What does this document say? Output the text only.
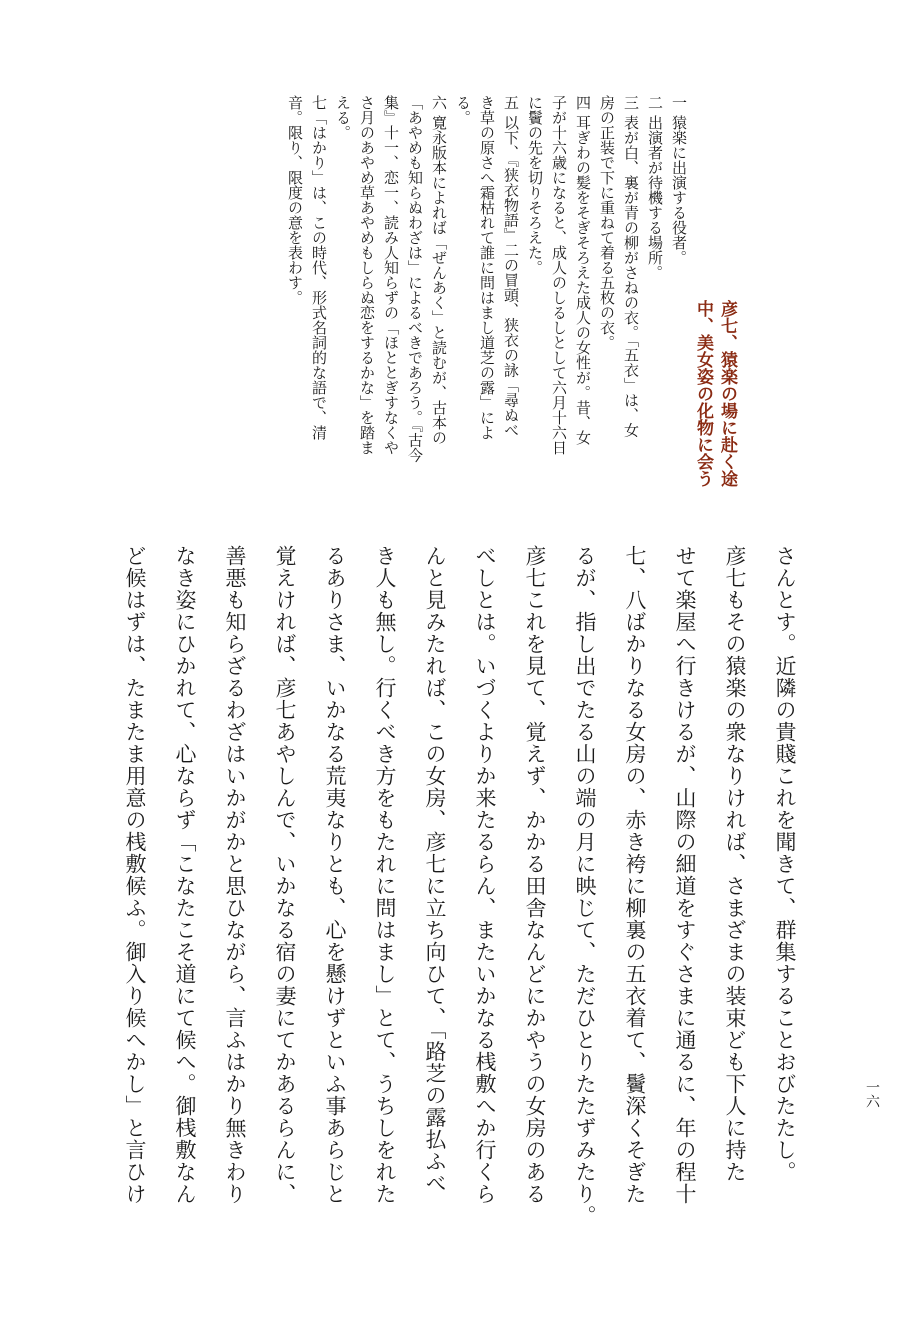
一 猿楽に出演する役者。
二 出演者が待機する場所。
三 表が白、裏が青の柳がさねの衣。「五衣」は、女
房の正装で下に重ねて着る五枚の衣。
四 耳ぎわの髪をそぎそろえた成人の女性が。昔、女
子が十六歳になると、成人のしるしとして六月十六日
に鬢の先を切りそろえた。
五 以下、『狭衣物語』二の冒頭、狭衣の詠「尋ぬべ
き草の原さへ霜枯れて誰に問はまし道芝の露」によ
る。
六 寛永版本によれば「ぜんあく」と読むが、古本の
「あやめも知らぬわざは」によるべきであろう。『古今
集』十一、恋一、読み人知らずの「ほととぎすなくや
さ月のあやめ草あやめもしらぬ恋をするかな」を踏ま
える。
七「はかり」は、この時代、形式名詞的な語で、清
音。限り、限度の意を表わす。
彦七、猿楽の場に赴く途
中、美女姿の化物に会う
さんとす。近隣の貴賤これを聞きて、群集することおびたたし。
彦七もその猿楽の衆なりければ、さまざまの装束ども下人に持た
せて楽屋へ行きけるが、山際の細道をすぐさまに通るに、年の程十
七、八ばかりなる女房の、赤き袴に柳裏の五衣着て、鬢深くそぎた
るが、指し出でたる山の端の月に映じて、ただひとりたたずみたり。
彦七これを見て、覚えず、かかる田舎なんどにかやうの女房のある
べしとは。いづくよりか来たるらん、またいかなる桟敷へか行くら
んと見みたれば、この女房、彦七に立ち向ひて、「路芝の露払ふべ
き人も無し。行くべき方をもたれに問はまし」とて、うちしをれた
るありさま、いかなる荒夷なりとも、心を懸けずといふ事あらじと
覚えければ、彦七あやしんで、いかなる宿の妻にてかあるらんに、
善悪も知らざるわざはいかがかと思ひながら、言ふはかり無きわり
なき姿にひかれて、心ならず「こなたこそ道にて候へ。御桟敷なん
ど候はずは、たまたま用意の桟敷候ふ。御入り候へかし」と言ひけ	一六
